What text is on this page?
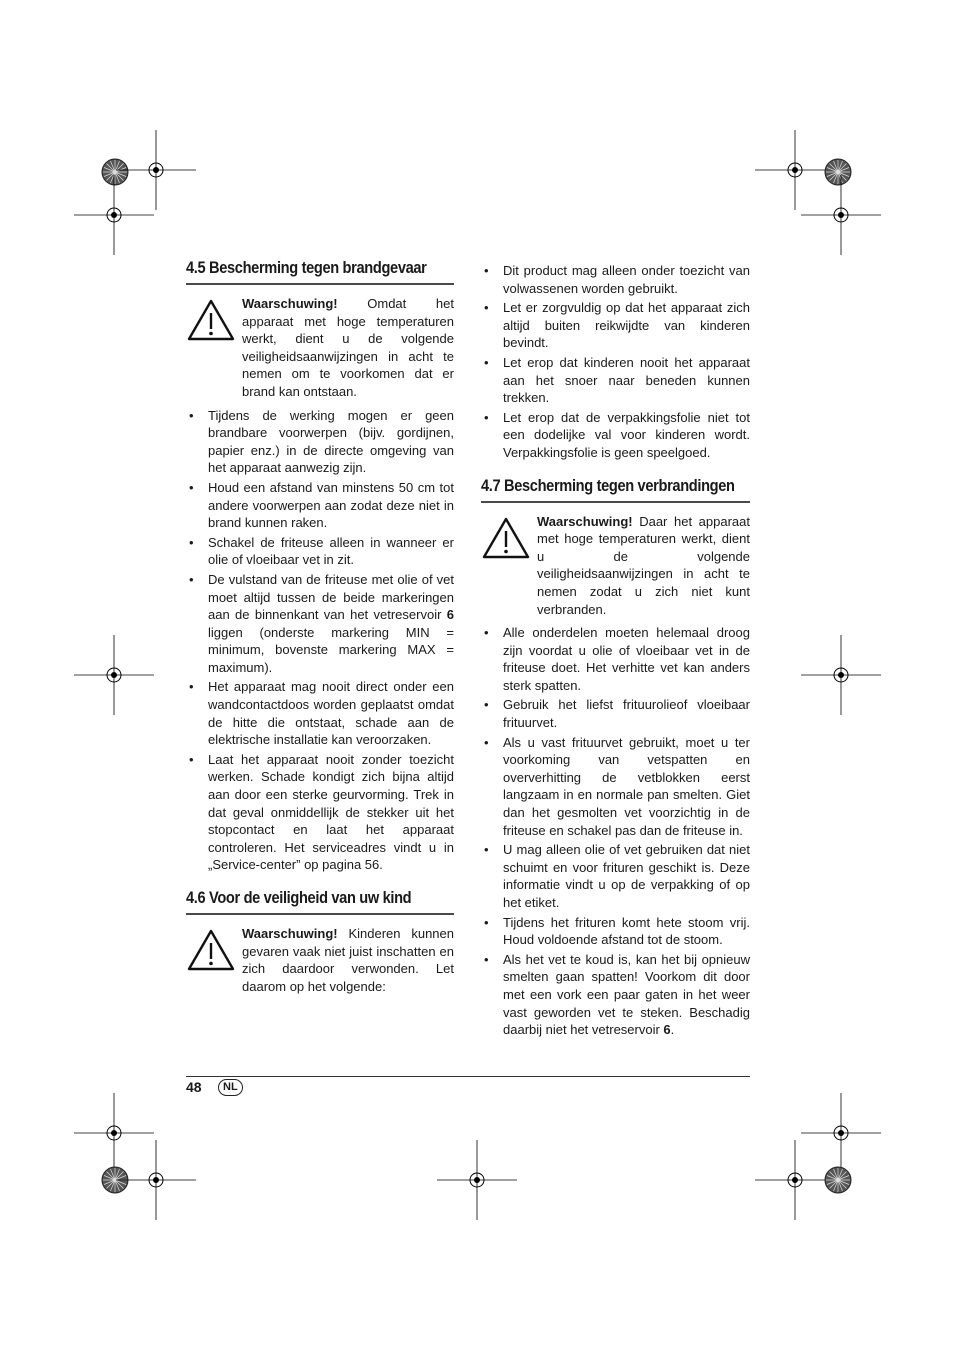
4.5 Bescherming tegen brandgevaar

Waarschuwing! Omdat het apparaat met hoge temperaturen werkt, dient u de volgende veiligheidsaanwijzingen in acht te nemen om te voorkomen dat er brand kan ontstaan.

• Tijdens de werking mogen er geen brandbare voorwerpen (bijv. gordijnen, papier enz.) in de directe omgeving van het apparaat aanwezig zijn.
• Houd een afstand van minstens 50 cm tot andere voorwerpen aan zodat deze niet in brand kunnen raken.
• Schakel de friteuse alleen in wanneer er olie of vloeibaar vet in zit.
• De vulstand van de friteuse met olie of vet moet altijd tussen de beide markeringen aan de binnenkant van het vetreservoir 6 liggen (onderste markering MIN = minimum, bovenste markering MAX = maximum).
• Het apparaat mag nooit direct onder een wandcontactdoos worden geplaatst omdat de hitte die ontstaat, schade aan de elektrische installatie kan veroorzaken.
• Laat het apparaat nooit zonder toezicht werken. Schade kondigt zich bijna altijd aan door een sterke geurvorming. Trek in dat geval onmiddellijk de stekker uit het stopcontact en laat het apparaat controleren. Het serviceadres vindt u in „Service-center” op pagina 56.
4.6 Voor de veiligheid van uw kind

Waarschuwing! Kinderen kunnen gevaren vaak niet juist inschatten en zich daardoor verwonden. Let daarom op het volgende:

• Dit product mag alleen onder toezicht van volwassenen worden gebruikt.
• Let er zorgvuldig op dat het apparaat zich altijd buiten reikwijdte van kinderen bevindt.
• Let erop dat kinderen nooit het apparaat aan het snoer naar beneden kunnen trekken.
• Let erop dat de verpakkingsfolie niet tot een dodelijke val voor kinderen wordt. Verpakkingsfolie is geen speelgoed.
4.7 Bescherming tegen verbrandingen

Waarschuwing! Daar het apparaat met hoge temperaturen werkt, dient u de volgende veiligheidsaanwijzingen in acht te nemen zodat u zich niet kunt verbranden.

• Alle onderdelen moeten helemaal droog zijn voordat u olie of vloeibaar vet in de friteuse doet. Het verhitte vet kan anders sterk spatten.
• Gebruik het liefst frituurolieof vloeibaar frituurvet.
• Als u vast frituurvet gebruikt, moet u ter voorkoming van vetspatten en oververhitting de vetblokken eerst langzaam in en normale pan smelten. Giet dan het gesmolten vet voorzichtig in de friteuse en schakel pas dan de friteuse in.
• U mag alleen olie of vet gebruiken dat niet schuimt en voor frituren geschikt is. Deze informatie vindt u op de verpakking of op het etiket.
• Tijdens het frituren komt hete stoom vrij. Houd voldoende afstand tot de stoom.
• Als het vet te koud is, kan het bij opnieuw smelten gaan spatten! Voorkom dit door met een vork een paar gaten in het weer vast geworden vet te steken. Beschadig daarbij niet het vetreservoir 6.
48	NL
